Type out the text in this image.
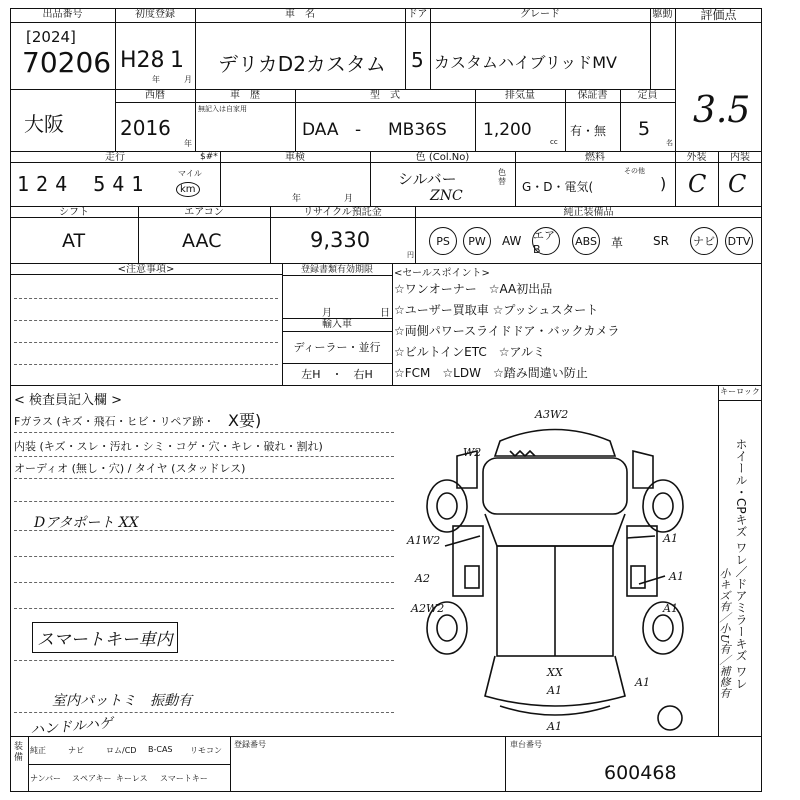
出品番号
[2024]
70206
初度登録
H28 1
年	月
車　名
デリカD2カスタム
ドア
5
グレード
カスタムハイブリッドMV
駆動	評価点
3.5
大阪
西暦
2016
年
車　歴
無記入は自家用
型　式
DAA - MB36S
排気量
1,200
cc
保証書
有・無
定員
5
名
走行
124 541	マイル
km
$#*	車検
年	月
色 (Col.No)
シルバー
ZNC
色替
燃料
G・D・電気(
その他
)
外装
C
内装
C
シフト
AT
エアコン
AAC
リサイクル預託金
9,330
円
純正装備品
PS	PW	AW エアB
ABS 革 SR ナビ DTV
<注意事項>	登録書類有効期限
月	日
輸入車
ディーラー・並行
左H　・　右H
<セールスポイント>
☆ワンオーナー　☆AA初出品
☆ユーザー買取車 ☆プッシュスタート
☆両側パワースライドドア・バックカメラ
☆ビルトインETC　☆アルミ
☆FCM　☆LDW　☆踏み間違い防止
< 検査員記入欄 >
Fガラス (キズ・飛石・ヒビ・リペア跡・ X要)
内装 (キズ・スレ・汚れ・シミ・コゲ・穴・キレ・破れ・割れ)
オーディオ (無し・穴) / タイヤ (スタッドレス)
Dアタポート XX
スマートキー車内
室内パットミ　振動有
ハンドルハゲ
キーロック
ホイール・CPキズ ワレ／ドアミラーキズ ワレ
小キズ有／小U有／補修有
A3W2
W2
A1W2
A2
A2W2
A1
A1
A1
XX
A1
A1
A1
装備
純正	ナビ	ロム/CD B-CAS リモコン
ナンバー スペアキー キーレス スマートキー
登録番号	車台番号
600468
